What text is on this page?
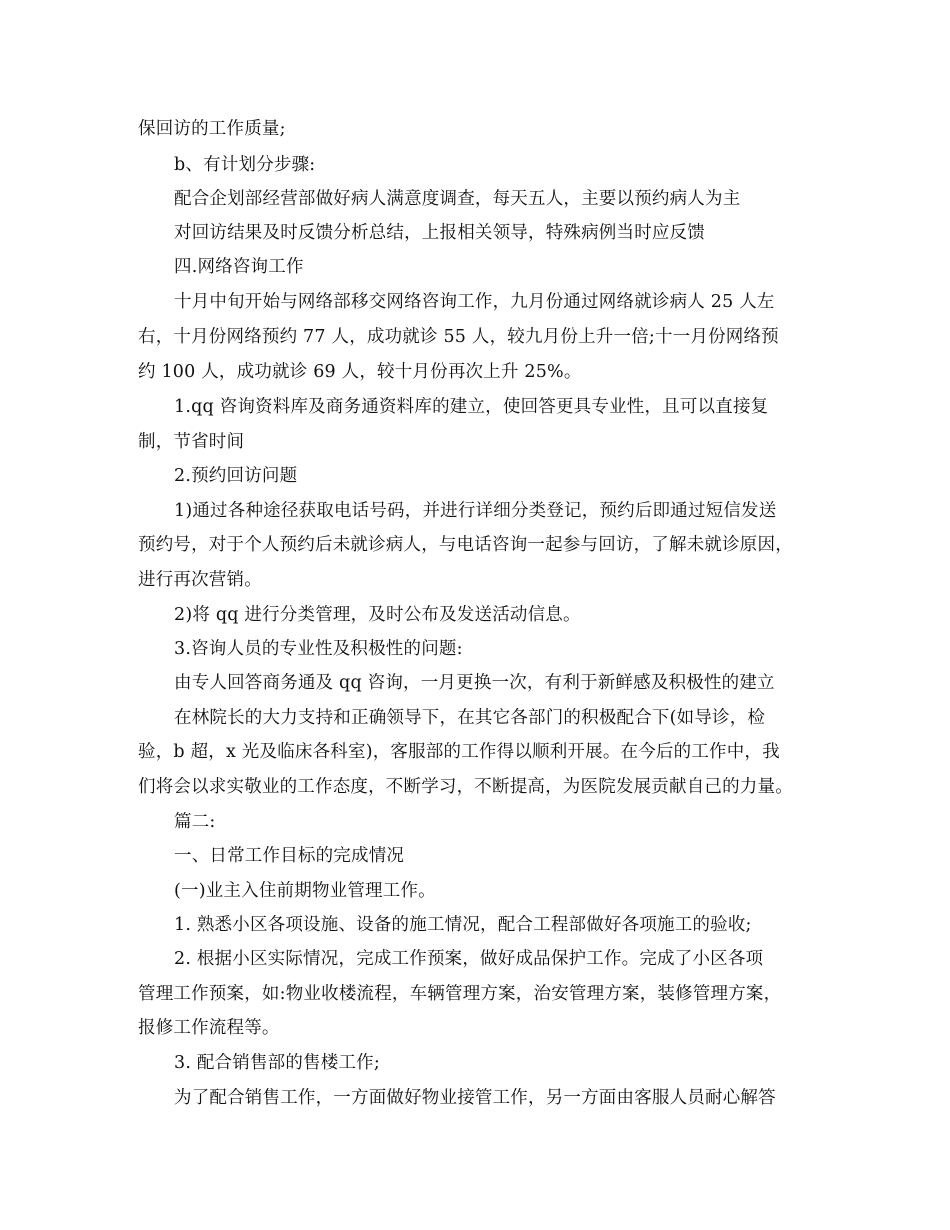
保回访的工作质量;
b、有计划分步骤:
配合企划部经营部做好病人满意度调查，每天五人，主要以预约病人为主
对回访结果及时反馈分析总结，上报相关领导，特殊病例当时应反馈
四.网络咨询工作
十月中旬开始与网络部移交网络咨询工作，九月份通过网络就诊病人 25 人左
右，十月份网络预约 77 人，成功就诊 55 人，较九月份上升一倍;十一月份网络预
约 100 人，成功就诊 69 人，较十月份再次上升 25%。
1.qq 咨询资料库及商务通资料库的建立，使回答更具专业性，且可以直接复
制，节省时间
2.预约回访问题
1)通过各种途径获取电话号码，并进行详细分类登记，预约后即通过短信发送
预约号，对于个人预约后未就诊病人，与电话咨询一起参与回访，了解未就诊原因，
进行再次营销。
2)将 qq 进行分类管理，及时公布及发送活动信息。
3.咨询人员的专业性及积极性的问题:
由专人回答商务通及 qq 咨询，一月更换一次，有利于新鲜感及积极性的建立
在林院长的大力支持和正确领导下，在其它各部门的积极配合下(如导诊，检
验，b 超，x 光及临床各科室)，客服部的工作得以顺利开展。在今后的工作中，我
们将会以求实敬业的工作态度，不断学习，不断提高，为医院发展贡献自己的力量。
篇二:
一、日常工作目标的完成情况
(一)业主入住前期物业管理工作。
1. 熟悉小区各项设施、设备的施工情况，配合工程部做好各项施工的验收;
2. 根据小区实际情况，完成工作预案，做好成品保护工作。完成了小区各项
管理工作预案，如:物业收楼流程，车辆管理方案，治安管理方案，装修管理方案，
报修工作流程等。
3. 配合销售部的售楼工作;
为了配合销售工作，一方面做好物业接管工作，另一方面由客服人员耐心解答
